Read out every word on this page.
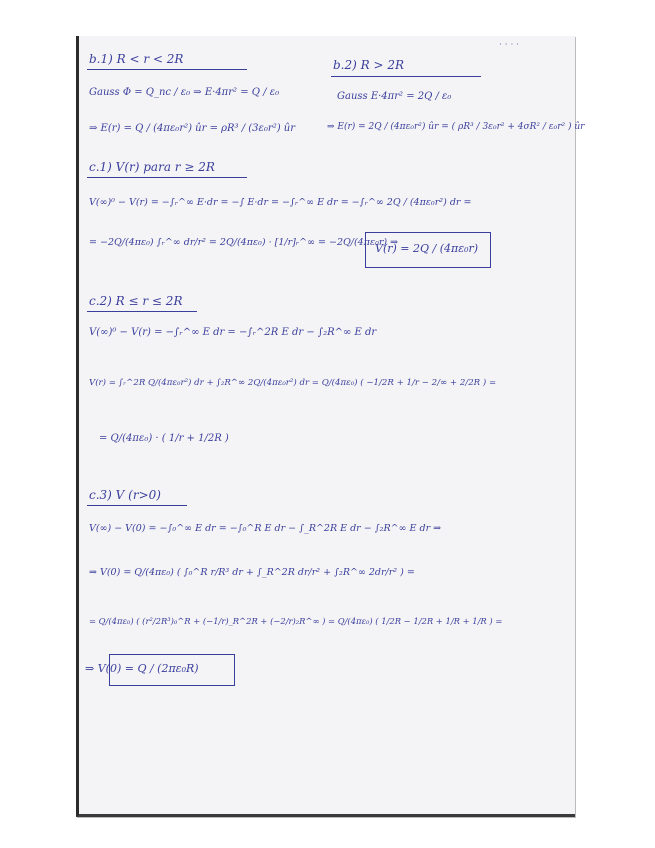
· · · ·
b.1) R < r < 2R
Gauss Φ = Q_nc / ε₀ ⇒ E·4πr² = Q / ε₀
⇒ E(r) = Q / (4πε₀r²) ûr = ρR³ / (3ε₀r²) ûr
b.2) R > 2R
Gauss E·4πr² = 2Q / ε₀
⇒ E(r) = 2Q / (4πε₀r²) ûr = ( ρR³ / 3ε₀r² + 4σR² / ε₀r² ) ûr
c.1) V(r) para r ≥ 2R
V(∞)⁰ − V(r) = −∫ᵣ^∞ E·dr = −∫ E·dr = −∫ᵣ^∞ E dr = −∫ᵣ^∞ 2Q / (4πε₀r²) dr =
= −2Q/(4πε₀) ∫ᵣ^∞ dr/r² = 2Q/(4πε₀) · [1/r]ᵣ^∞ = −2Q/(4πε₀r) ⇒
V(r) = 2Q / (4πε₀r)
c.2) R ≤ r ≤ 2R
V(∞)⁰ − V(r) = −∫ᵣ^∞ E dr = −∫ᵣ^2R E dr − ∫₂R^∞ E dr
V(r) = ∫ᵣ^2R Q/(4πε₀r²) dr + ∫₂R^∞ 2Q/(4πε₀r²) dr = Q/(4πε₀) ( −1/2R + 1/r − 2/∞ + 2/2R ) =
= Q/(4πε₀) · ( 1/r + 1/2R )
c.3) V (r>0)
V(∞) − V(0) = −∫₀^∞ E dr = −∫₀^R E dr − ∫_R^2R E dr − ∫₂R^∞ E dr ⇒
⇒ V(0) = Q/(4πε₀) ( ∫₀^R r/R³ dr + ∫_R^2R dr/r² + ∫₂R^∞ 2dr/r² ) =
= Q/(4πε₀) ( (r²/2R³)₀^R + (−1/r)_R^2R + (−2/r)₂R^∞ ) = Q/(4πε₀) ( 1/2R − 1/2R + 1/R + 1/R ) =
⇒ V(0) = Q / (2πε₀R)
